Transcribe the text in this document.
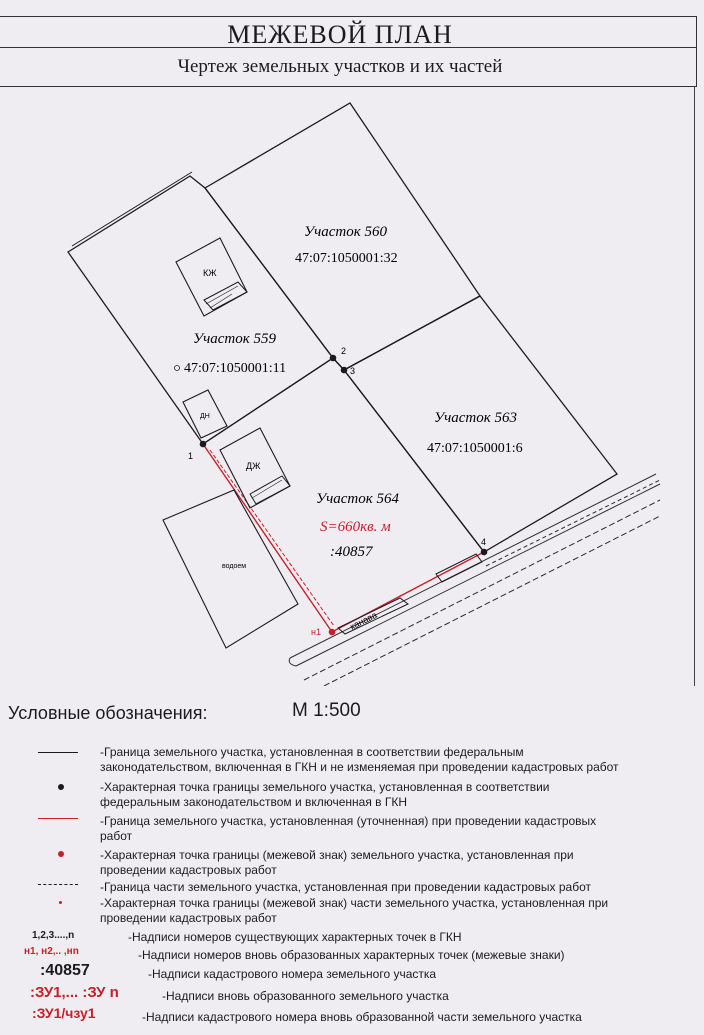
МЕЖЕВОЙ ПЛАН
Чертеж земельных участков и их частей
канава
КЖ
ДН
ДЖ
водоем
1
2
3
4
н1
Участок 560
47:07:1050001:32
Участок 559
47:07:1050001:11
Участок 563
47:07:1050001:6
Участок 564
S=660кв. м
:40857
Условные обозначения:	М 1:500
1,2,3....,n
н1, н2,.. ,нn
:40857
:ЗУ1,... :ЗУ n
:ЗУ1/чзу1
-Граница земельного участка, установленная в соответствии федеральным
законодательством, включенная в ГКН и не изменяемая при проведении кадастровых работ
-Характерная точка границы земельного участка, установленная в соответствии
федеральным законодательством и включенная в ГКН
-Граница земельного участка, установленная (уточненная) при проведении кадастровых
работ
-Характерная точка границы (межевой знак) земельного участка, установленная при
проведении кадастровых работ
-Граница части земельного участка, установленная при проведении кадастровых работ
-Характерная точка границы (межевой знак) части земельного участка, установленная при
проведении кадастровых работ
-Надписи номеров существующих характерных точек в ГКН
-Надписи номеров вновь образованных характерных точек (межевые знаки)
-Надписи кадастрового номера земельного участка
-Надписи вновь образованного земельного участка
-Надписи кадастрового номера вновь образованной части земельного участка
